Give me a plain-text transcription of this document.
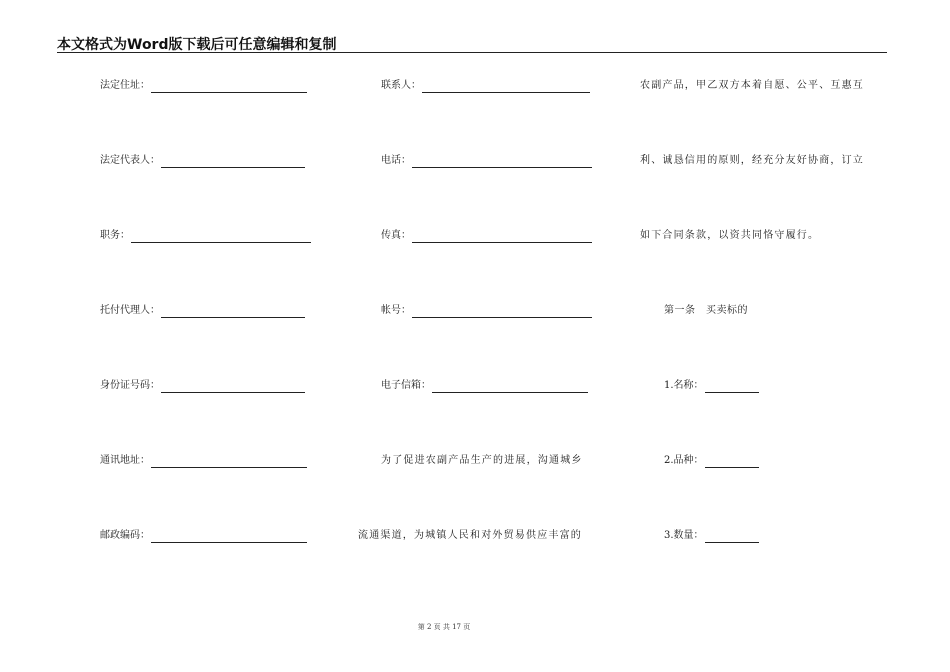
本文格式为Word版下载后可任意编辑和复制
法定住址：
法定代表人：
职务：
托付代理人：
身份证号码：
通讯地址：
邮政编码：
联系人：
电话：
传真：
帐号：
电子信箱：
为了促进农副产品生产的进展，沟通城乡
流通渠道，为城镇人民和对外贸易供应丰富的
农副产品，甲乙双方本着自愿、公平、互惠互
利、诚恳信用的原则，经充分友好协商，订立
如下合同条款，以资共同恪守履行。
第一条　买卖标的
1.名称：
2.品种：
3.数量：
第 2 页 共 17 页
